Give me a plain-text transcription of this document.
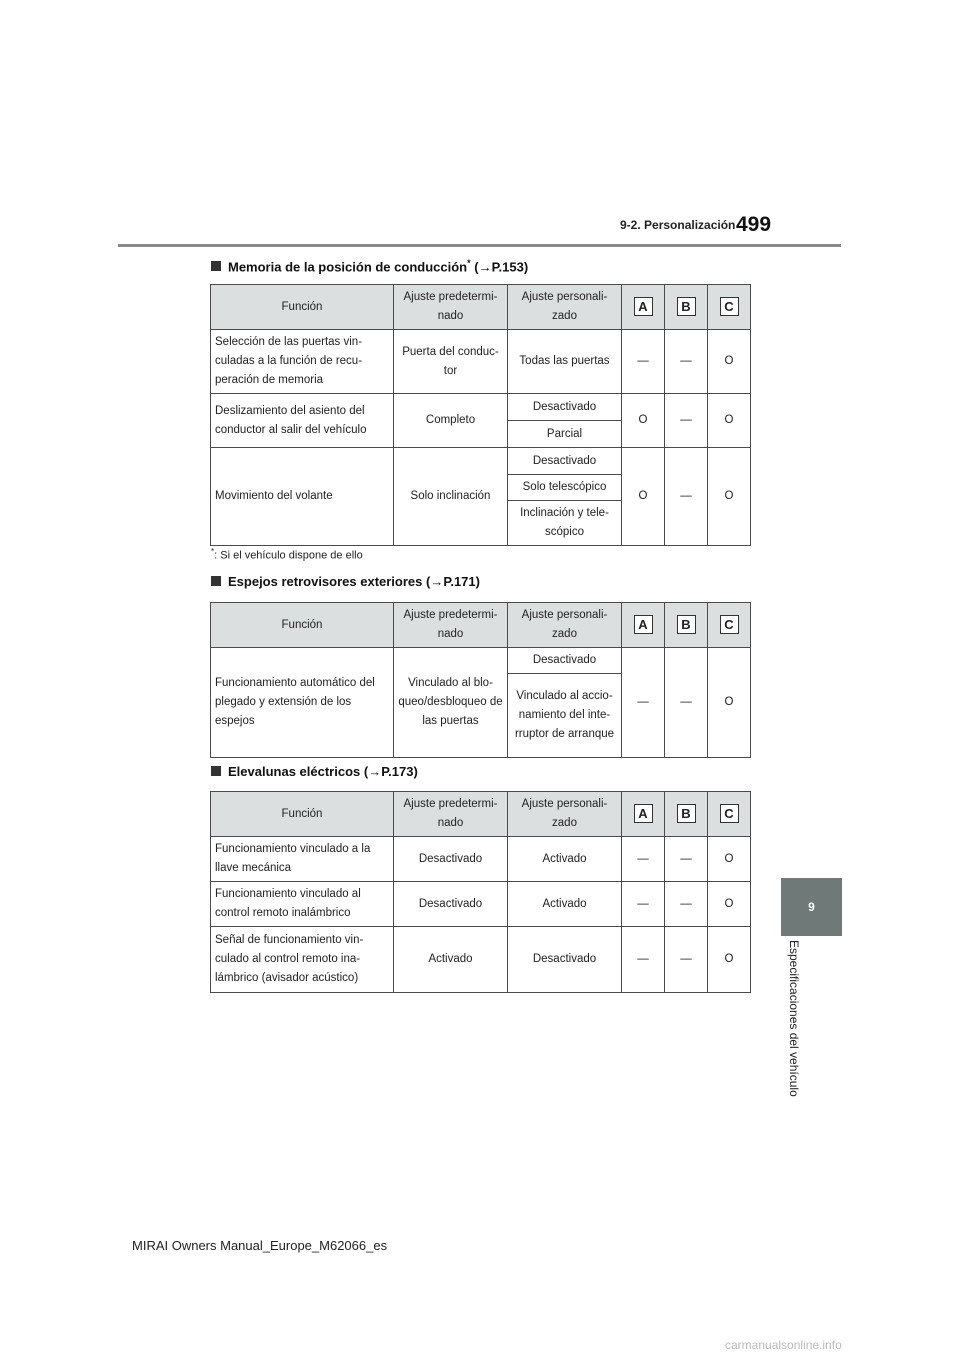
9-2. Personalización 499
9
Especificaciones del vehículo
Memoria de la posición de conducción* (→P.153)
Función	Ajuste predetermi-nado	Ajuste personali-zado	A	B	C
Selección de las puertas vin-culadas a la función de recu-peración de memoria	Puerta del conduc-tor	Todas las puertas	—	—	O
Deslizamiento del asiento del conductor al salir del vehículo	Completo	Desactivado	O	—	O
		Parcial			
Movimiento del volante	Solo inclinación	Desactivado	O	—	O
		Solo telescópico			
		Inclinación y tele-scópico			
*: Si el vehículo dispone de ello
Espejos retrovisores exteriores (→P.171)
Función	Ajuste predetermi-nado	Ajuste personali-zado	A	B	C
Funcionamiento automático del plegado y extensión de los espejos	Vinculado al blo-queo/desbloqueo de las puertas	Desactivado	—	—	O
		Vinculado al accio-namiento del inte-rruptor de arranque			
Elevalunas eléctricos (→P.173)
Función	Ajuste predetermi-nado	Ajuste personali-zado	A	B	C
Funcionamiento vinculado a la llave mecánica	Desactivado	Activado	—	—	O
Funcionamiento vinculado al control remoto inalámbrico	Desactivado	Activado	—	—	O
Señal de funcionamiento vin-culado al control remoto ina-lámbrico (avisador acústico)	Activado	Desactivado	—	—	O
MIRAI Owners Manual_Europe_M62066_es
carmanualsonline.info
